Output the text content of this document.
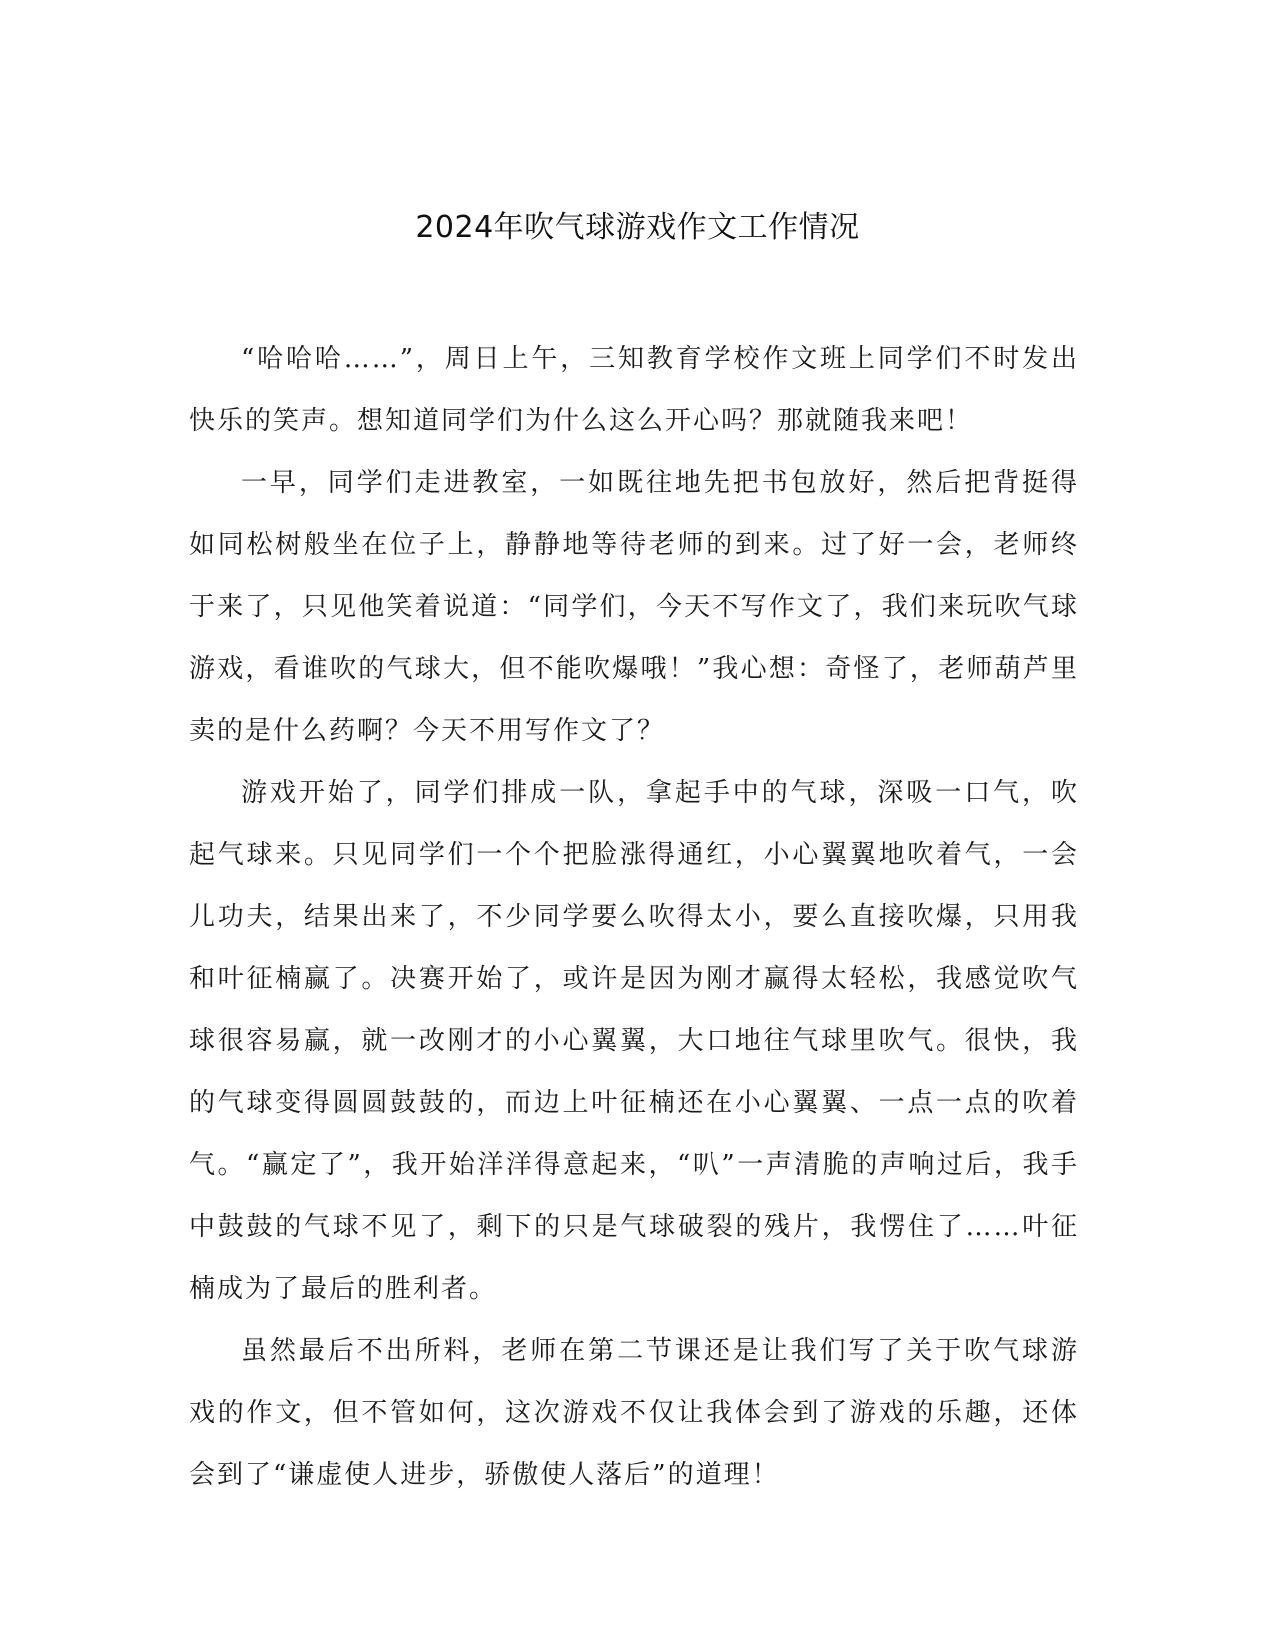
2024年吹气球游戏作文工作情况

“哈哈哈……”，周日上午，三知教育学校作文班上同学们不时发出快乐的笑声。想知道同学们为什么这么开心吗？那就随我来吧！

一早，同学们走进教室，一如既往地先把书包放好，然后把背挺得如同松树般坐在位子上，静静地等待老师的到来。过了好一会，老师终于来了，只见他笑着说道：“同学们，今天不写作文了，我们来玩吹气球游戏，看谁吹的气球大，但不能吹爆哦！”我心想：奇怪了，老师葫芦里卖的是什么药啊？今天不用写作文了？

游戏开始了，同学们排成一队，拿起手中的气球，深吸一口气，吹起气球来。只见同学们一个个把脸涨得通红，小心翼翼地吹着气，一会儿功夫，结果出来了，不少同学要么吹得太小，要么直接吹爆，只用我和叶征楠赢了。决赛开始了，或许是因为刚才赢得太轻松，我感觉吹气球很容易赢，就一改刚才的小心翼翼，大口地往气球里吹气。很快，我的气球变得圆圆鼓鼓的，而边上叶征楠还在小心翼翼、一点一点的吹着气。“赢定了”，我开始洋洋得意起来，“叭”一声清脆的声响过后，我手中鼓鼓的气球不见了，剩下的只是气球破裂的残片，我愣住了……叶征楠成为了最后的胜利者。

虽然最后不出所料，老师在第二节课还是让我们写了关于吹气球游戏的作文，但不管如何，这次游戏不仅让我体会到了游戏的乐趣，还体会到了“谦虚使人进步，骄傲使人落后”的道理！
